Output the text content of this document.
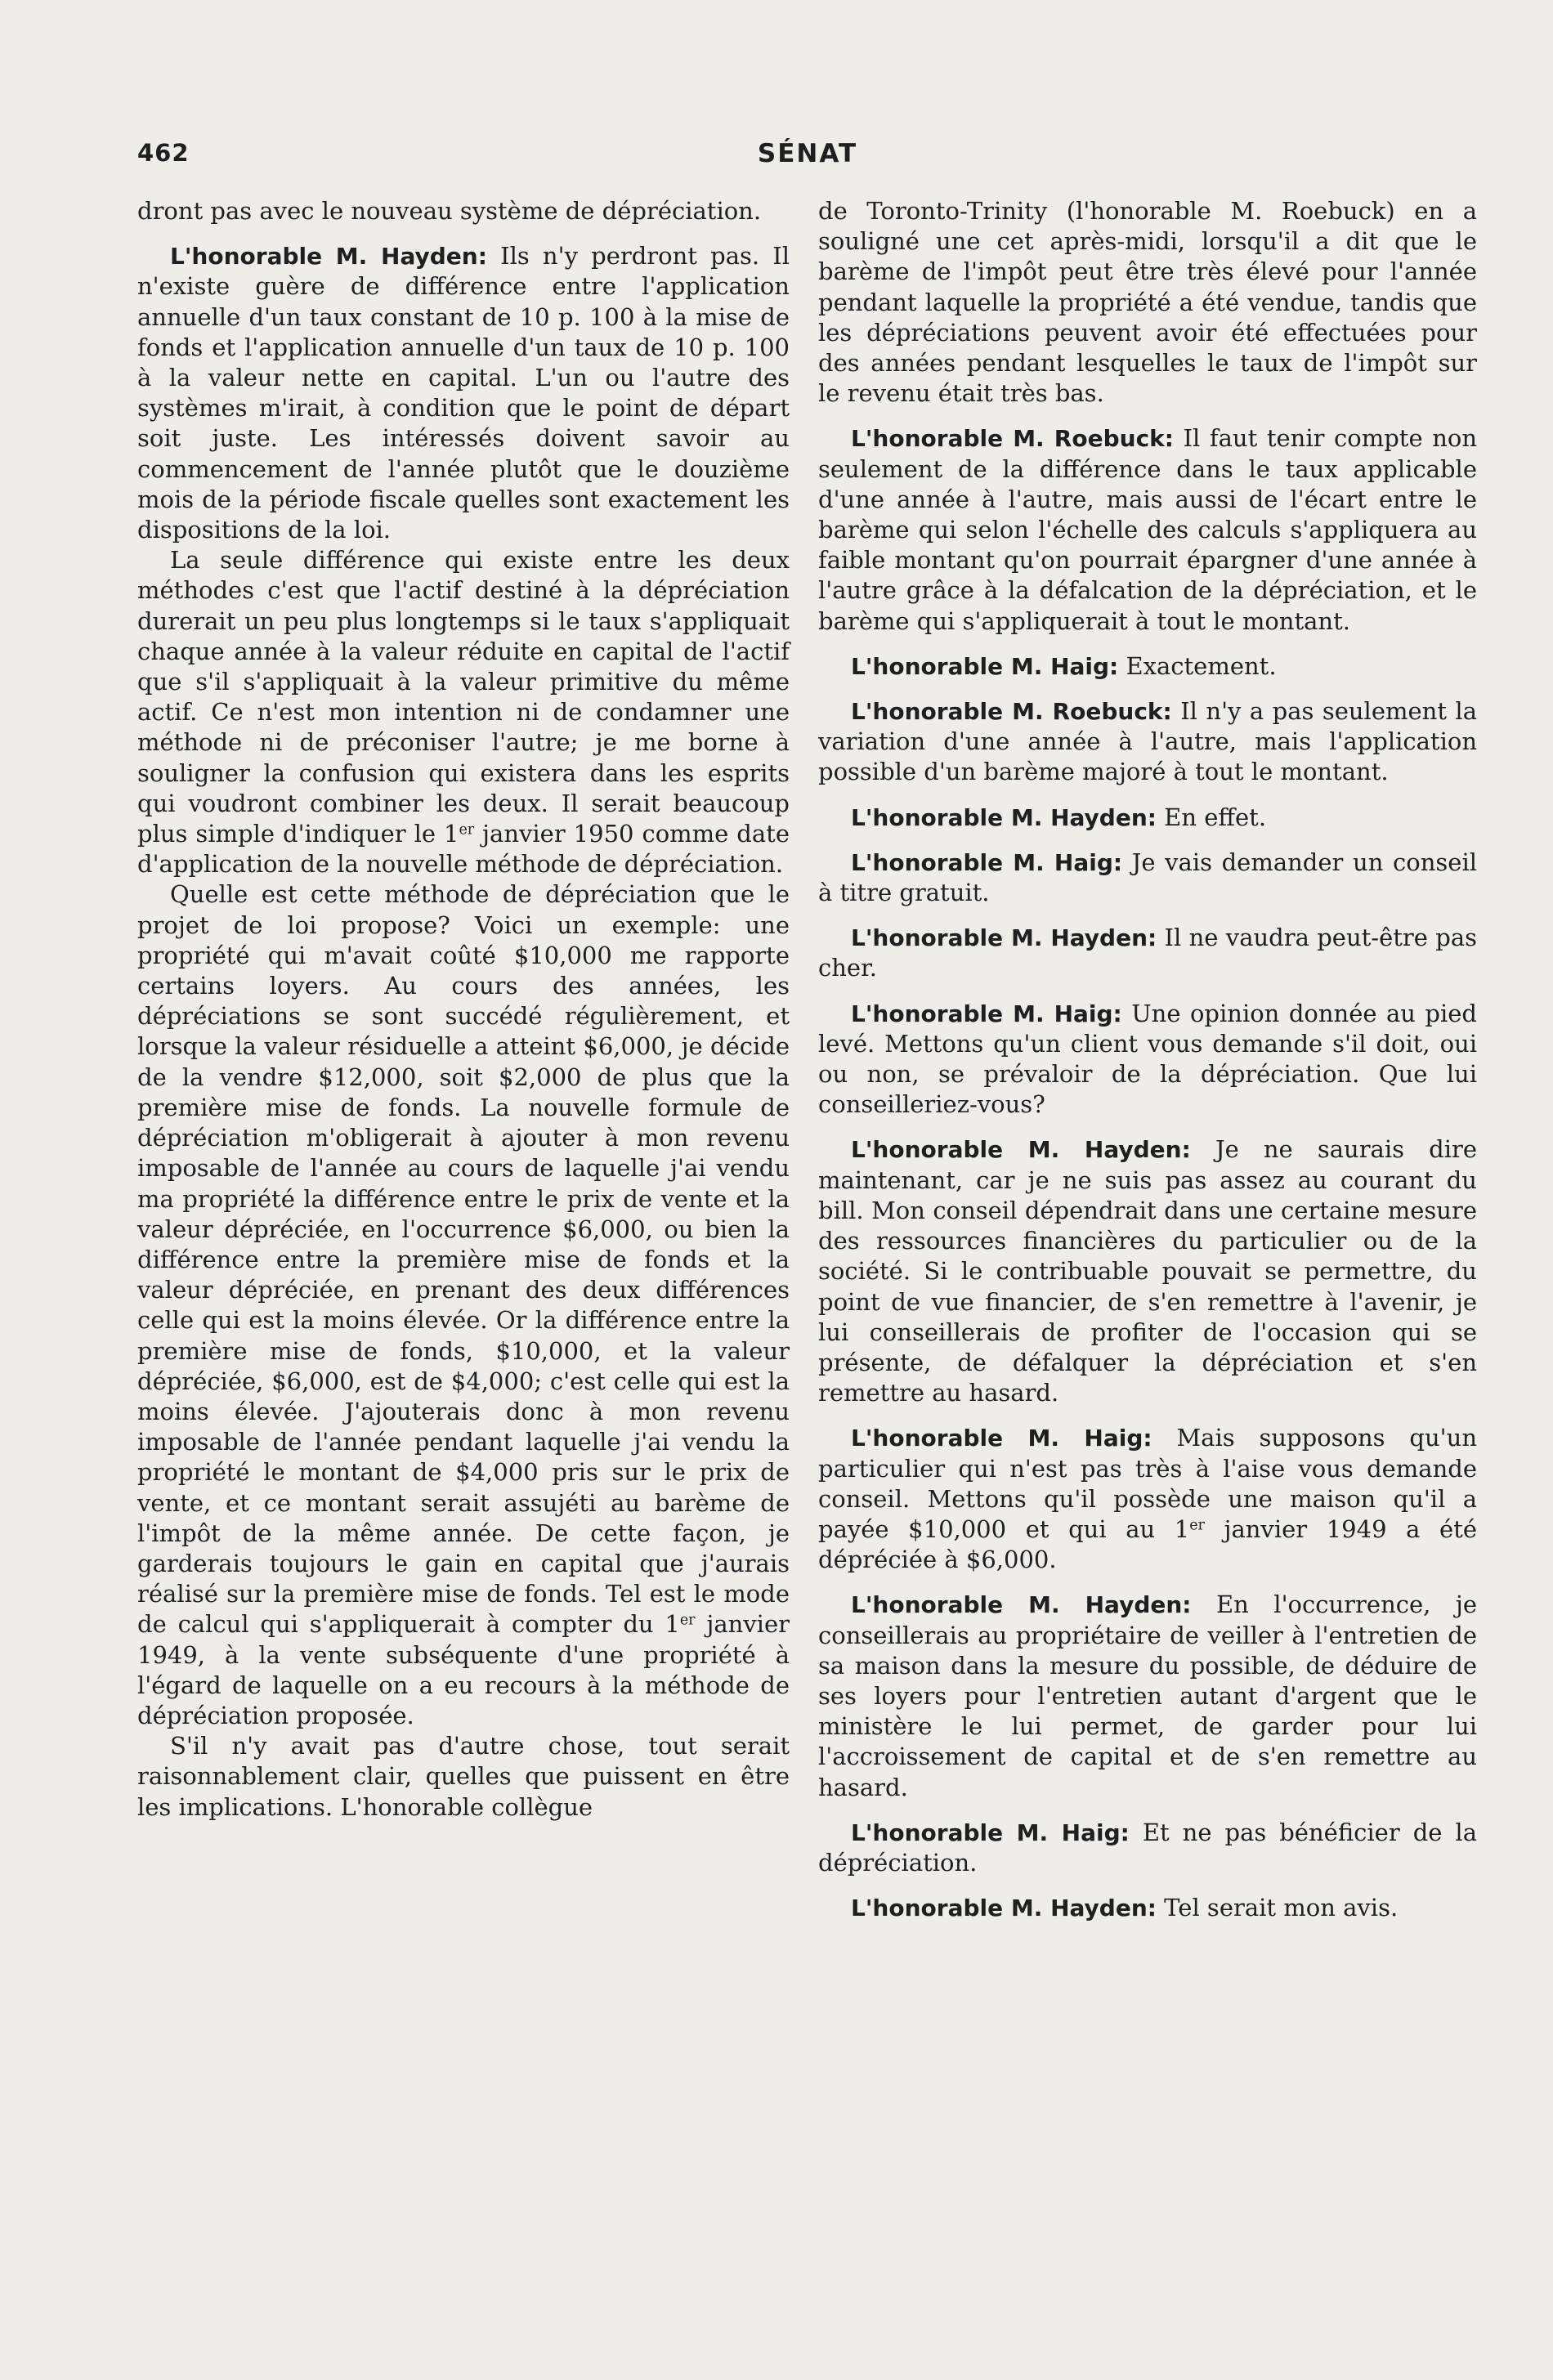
462	SÉNAT

dront pas avec le nouveau système de dépréciation.

L'honorable M. Hayden: Ils n'y perdront pas. Il n'existe guère de différence entre l'application annuelle d'un taux constant de 10 p. 100 à la mise de fonds et l'application annuelle d'un taux de 10 p. 100 à la valeur nette en capital. L'un ou l'autre des systèmes m'irait, à condition que le point de départ soit juste. Les intéressés doivent savoir au commencement de l'année plutôt que le douzième mois de la période fiscale quelles sont exactement les dispositions de la loi.

La seule différence qui existe entre les deux méthodes c'est que l'actif destiné à la dépréciation durerait un peu plus longtemps si le taux s'appliquait chaque année à la valeur réduite en capital de l'actif que s'il s'appliquait à la valeur primitive du même actif. Ce n'est mon intention ni de condamner une méthode ni de préconiser l'autre; je me borne à souligner la confusion qui existera dans les esprits qui voudront combiner les deux. Il serait beaucoup plus simple d'indiquer le 1er janvier 1950 comme date d'application de la nouvelle méthode de dépréciation.

Quelle est cette méthode de dépréciation que le projet de loi propose? Voici un exemple: une propriété qui m'avait coûté $10,000 me rapporte certains loyers. Au cours des années, les dépréciations se sont succédé régulièrement, et lorsque la valeur résiduelle a atteint $6,000, je décide de la vendre $12,000, soit $2,000 de plus que la première mise de fonds. La nouvelle formule de dépréciation m'obligerait à ajouter à mon revenu imposable de l'année au cours de laquelle j'ai vendu ma propriété la différence entre le prix de vente et la valeur dépréciée, en l'occurrence $6,000, ou bien la différence entre la première mise de fonds et la valeur dépréciée, en prenant des deux différences celle qui est la moins élevée. Or la différence entre la première mise de fonds, $10,000, et la valeur dépréciée, $6,000, est de $4,000; c'est celle qui est la moins élevée. J'ajouterais donc à mon revenu imposable de l'année pendant laquelle j'ai vendu la propriété le montant de $4,000 pris sur le prix de vente, et ce montant serait assujéti au barème de l'impôt de la même année. De cette façon, je garderais toujours le gain en capital que j'aurais réalisé sur la première mise de fonds. Tel est le mode de calcul qui s'appliquerait à compter du 1er janvier 1949, à la vente subséquente d'une propriété à l'égard de laquelle on a eu recours à la méthode de dépréciation proposée.

S'il n'y avait pas d'autre chose, tout serait raisonnablement clair, quelles que puissent en être les implications. L'honorable collègue

de Toronto-Trinity (l'honorable M. Roebuck) en a souligné une cet après-midi, lorsqu'il a dit que le barème de l'impôt peut être très élevé pour l'année pendant laquelle la propriété a été vendue, tandis que les dépréciations peuvent avoir été effectuées pour des années pendant lesquelles le taux de l'impôt sur le revenu était très bas.

L'honorable M. Roebuck: Il faut tenir compte non seulement de la différence dans le taux applicable d'une année à l'autre, mais aussi de l'écart entre le barème qui selon l'échelle des calculs s'appliquera au faible montant qu'on pourrait épargner d'une année à l'autre grâce à la défalcation de la dépréciation, et le barème qui s'appliquerait à tout le montant.

L'honorable M. Haig: Exactement.

L'honorable M. Roebuck: Il n'y a pas seulement la variation d'une année à l'autre, mais l'application possible d'un barème majoré à tout le montant.

L'honorable M. Hayden: En effet.

L'honorable M. Haig: Je vais demander un conseil à titre gratuit.

L'honorable M. Hayden: Il ne vaudra peut-être pas cher.

L'honorable M. Haig: Une opinion donnée au pied levé. Mettons qu'un client vous demande s'il doit, oui ou non, se prévaloir de la dépréciation. Que lui conseilleriez-vous?

L'honorable M. Hayden: Je ne saurais dire maintenant, car je ne suis pas assez au courant du bill. Mon conseil dépendrait dans une certaine mesure des ressources financières du particulier ou de la société. Si le contribuable pouvait se permettre, du point de vue financier, de s'en remettre à l'avenir, je lui conseillerais de profiter de l'occasion qui se présente, de défalquer la dépréciation et s'en remettre au hasard.

L'honorable M. Haig: Mais supposons qu'un particulier qui n'est pas très à l'aise vous demande conseil. Mettons qu'il possède une maison qu'il a payée $10,000 et qui au 1er janvier 1949 a été dépréciée à $6,000.

L'honorable M. Hayden: En l'occurrence, je conseillerais au propriétaire de veiller à l'entretien de sa maison dans la mesure du possible, de déduire de ses loyers pour l'entretien autant d'argent que le ministère le lui permet, de garder pour lui l'accroissement de capital et de s'en remettre au hasard.

L'honorable M. Haig: Et ne pas bénéficier de la dépréciation.

L'honorable M. Hayden: Tel serait mon avis.
